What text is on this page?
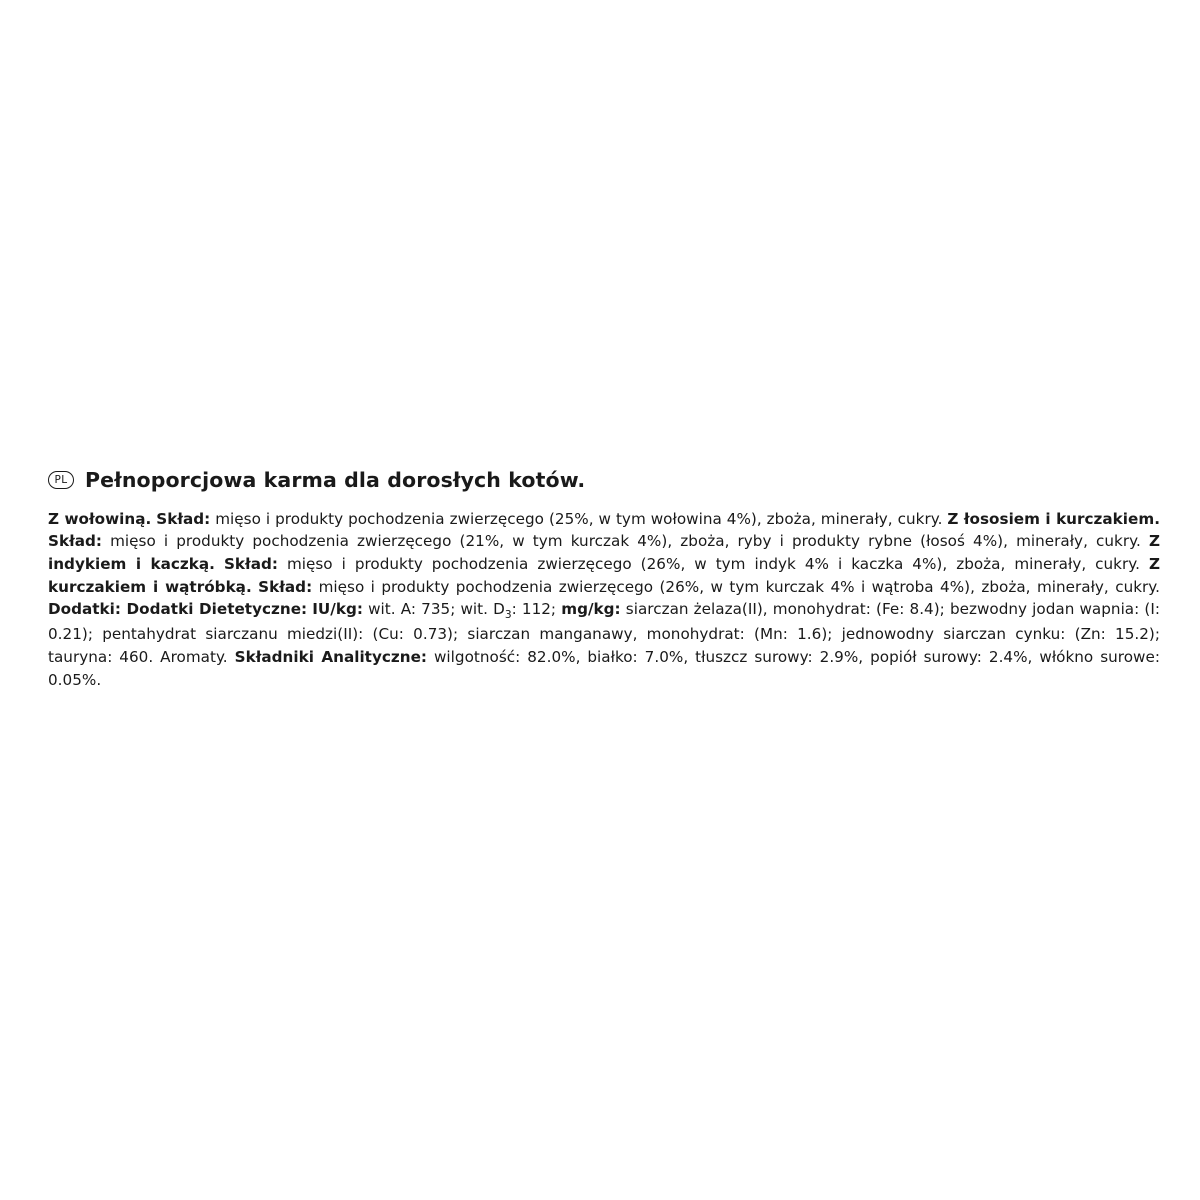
PL Pełnoporcjowa karma dla dorosłych kotów.

Z wołowiną. Skład: mięso i produkty pochodzenia zwierzęcego (25%, w tym wołowina 4%), zboża, minerały, cukry. Z łososiem i kurczakiem. Skład: mięso i produkty pochodzenia zwierzęcego (21%, w tym kurczak 4%), zboża, ryby i produkty rybne (łosoś 4%), minerały, cukry. Z indykiem i kaczką. Skład: mięso i produkty pochodzenia zwierzęcego (26%, w tym indyk 4% i kaczka 4%), zboża, minerały, cukry. Z kurczakiem i wątróbką. Skład: mięso i produkty pochodzenia zwierzęcego (26%, w tym kurczak 4% i wątroba 4%), zboża, minerały, cukry. Dodatki: Dodatki Dietetyczne: IU/kg: wit. A: 735; wit. $D_3$: 112; mg/kg: siarczan żelaza(II), monohydrat: (Fe: 8.4); bezwodny jodan wapnia: (I: 0.21); pentahydrat siarczanu miedzi(II): (Cu: 0.73); siarczan manganawy, monohydrat: (Mn: 1.6); jednowodny siarczan cynku: (Zn: 15.2); tauryna: 460. Aromaty. Składniki Analityczne: wilgotność: 82.0%, białko: 7.0%, tłuszcz surowy: 2.9%, popiół surowy: 2.4%, włókno surowe: 0.05%.
